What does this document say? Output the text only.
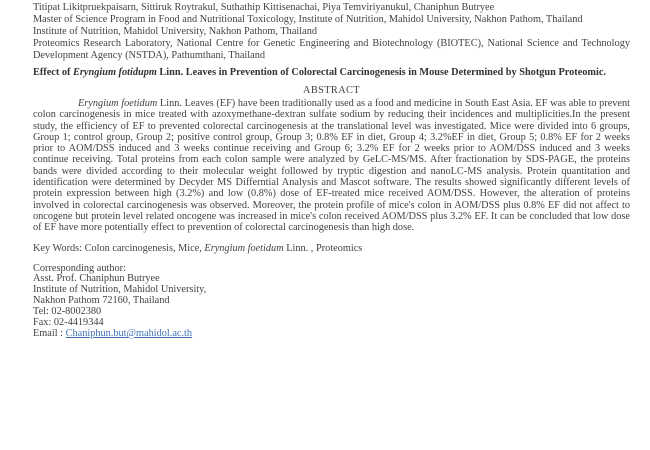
Titipat Likitpruekpaisarn, Sittiruk Roytrakul, Suthathip Kittisenachai, Piya Temviriyanukul, Chaniphun Butryee

Master of Science Program in Food and Nutritional Toxicology, Institute of Nutrition, Mahidol University, Nakhon Pathom, Thailand

Institute of Nutrition, Mahidol University, Nakhon Pathom, Thailand

Proteomics Research Laboratory, National Centre for Genetic Engineering and Biotechnology (BIOTEC), National Science and Technology Development Agency (NSTDA), Pathumthani, Thailand

Effect of Eryngium fotidupm Linn. Leaves in Prevention of Colorectal Carcinogenesis in Mouse Determined by Shotgun Proteomic.

ABSTRACT

Eryngium foetidum Linn. Leaves (EF) have been traditionally used as a food and medicine in South East Asia. EF was able to prevent colon carcinogenesis in mice treated with azoxymethane-dextran sulfate sodium by reducing their incidences and multiplicities.In the present study, the efficiency of EF to prevented colorectal carcinogenesis at the translational level was investigated. Mice were divided into 6 groups, Group 1; control group, Group 2; positive control group, Group 3; 0.8% EF in diet, Group 4; 3.2%EF in diet, Group 5; 0.8% EF for 2 weeks prior to AOM/DSS induced and 3 weeks continue receiving and Group 6; 3.2% EF for 2 weeks prior to AOM/DSS induced and 3 weeks continue receiving. Total proteins from each colon sample were analyzed by GeLC-MS/MS. After fractionation by SDS-PAGE, the proteins bands were divided according to their molecular weight followed by tryptic digestion and nanoLC-MS analysis. Protein quantitation and identification were determined by Decyder MS Differntial Analysis and Mascot software. The results showed significantly different levels of protein expression between high (3.2%) and low (0.8%) dose of EF-treated mice received AOM/DSS. However, the alteration of proteins involved in colorectal carcinogenesis was observed. Moreover, the protein profile of mice's colon in AOM/DSS plus 0.8% EF did not affect to oncogene but protein level related oncogene was increased in mice's colon received AOM/DSS plus 3.2% EF. It can be concluded that low dose of EF have more potentially effect to prevention of colorectal carcinogenesis than high dose.

Key Words: Colon carcinogenesis, Mice, Eryngium foetidum Linn. , Proteomics

Corresponding author:

Asst. Prof. Chaniphun Butryee

Institute of Nutrition, Mahidol University,

Nakhon Pathom 72160, Thailand

Tel: 02-8002380

Fax: 02-4419344

Email : Chaniphun.but@mahidol.ac.th
